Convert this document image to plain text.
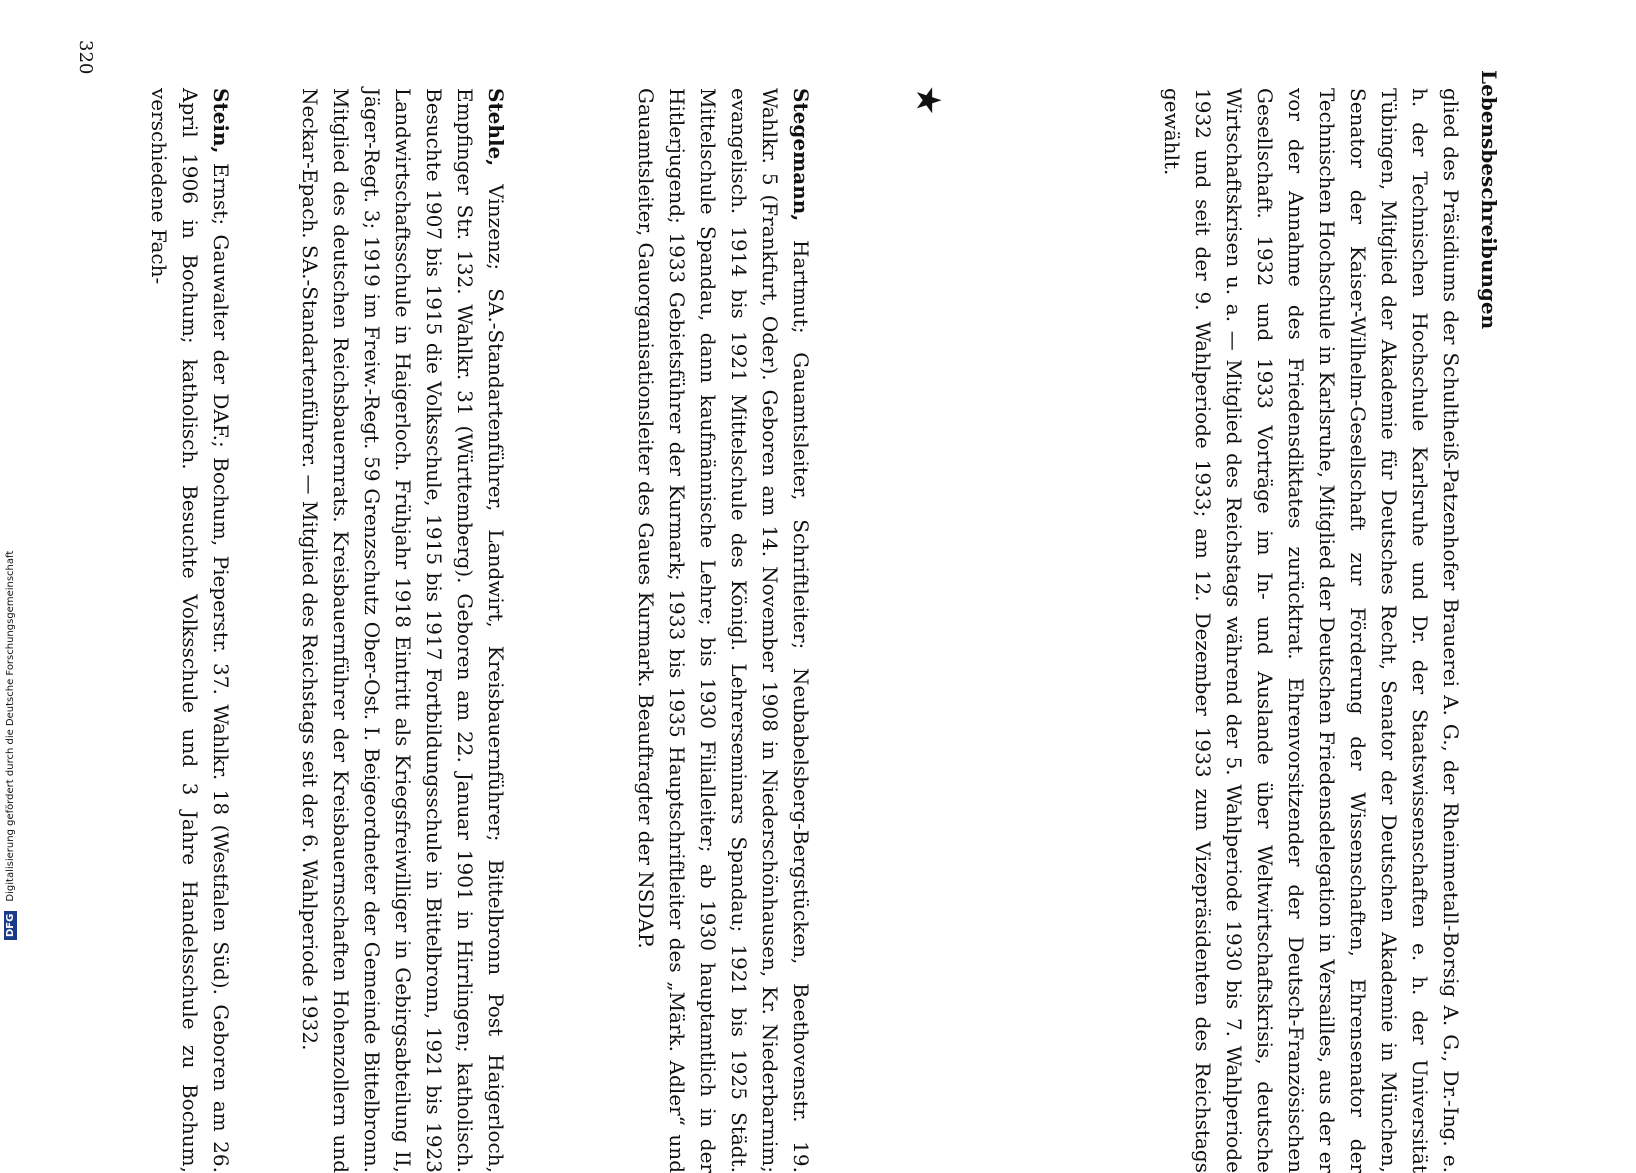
Lebensbeschreibungen

glied des Präsidiums der Schultheiß-Patzenhofer Brauerei A. G., der Rheinmetall-Borsig A. G., Dr.-Ing. e. h. der Technischen Hochschule Karlsruhe und Dr. der Staatswissenschaften e. h. der Universität Tübingen, Mitglied der Akademie für Deutsches Recht, Senator der Deutschen Akademie in München, Senator der Kaiser-Wilhelm-Gesellschaft zur Förderung der Wissenschaften, Ehrensenator der Technischen Hochschule in Karlsruhe, Mitglied der Deutschen Friedensdelegation in Versailles, aus der er vor der Annahme des Friedensdiktates zurücktrat. Ehrenvorsitzender der Deutsch-Französischen Gesellschaft. 1932 und 1933 Vorträge im In- und Auslande über Weltwirtschaftskrisis, deutsche Wirtschaftskrisen u. a. — Mitglied des Reichstags während der 5. Wahlperiode 1930 bis 7. Wahlperiode 1932 und seit der 9. Wahlperiode 1933; am 12. Dezember 1933 zum Vizepräsidenten des Reichstags gewählt.

★

Stegemann, Hartmut; Gauamtsleiter, Schriftleiter; Neubabelsberg-Bergstücken, Beethovenstr. 19. Wahlkr. 5 (Frankfurt, Oder). Geboren am 14. November 1908 in Niederschönhausen, Kr. Niederbarnim; evangelisch. 1914 bis 1921 Mittelschule des Königl. Lehrerseminars Spandau; 1921 bis 1925 Städt. Mittelschule Spandau, dann kaufmännische Lehre; bis 1930 Filialleiter; ab 1930 hauptamtlich in der Hitlerjugend; 1933 Gebietsführer der Kurmark; 1933 bis 1935 Hauptschriftleiter des „Märk. Adler“ und Gauamtsleiter, Gauorganisationsleiter des Gaues Kurmark. Beauftragter der NSDAP.

Stehle, Vinzenz; SA.-Standartenführer, Landwirt, Kreisbauernführer; Bittelbronn Post Haigerloch, Empfinger Str. 132. Wahlkr. 31 (Württemberg). Geboren am 22. Januar 1901 in Hirrlingen; katholisch. Besuchte 1907 bis 1915 die Volksschule, 1915 bis 1917 Fortbildungsschule in Bittelbronn, 1921 bis 1923 Landwirtschaftsschule in Haigerloch. Frühjahr 1918 Eintritt als Kriegsfreiwilliger in Gebirgsabteilung II, Jäger-Regt. 3; 1919 im Freiw.-Regt. 59 Grenzschutz Ober-Ost. I. Beigeordneter der Gemeinde Bittelbronn. Mitglied des deutschen Reichsbauernrats. Kreisbauernführer der Kreisbauernschaften Hohenzollern und Neckar-Epach. SA.-Standartenführer. — Mitglied des Reichstags seit der 6. Wahlperiode 1932.

Stein, Ernst; Gauwalter der DAF.; Bochum, Pieperstr. 37. Wahlkr. 18 (Westfalen Süd). Geboren am 26. April 1906 in Bochum; katholisch. Besuchte Volksschule und 3 Jahre Handelsschule zu Bochum, verschiedene Fach-

320
DFG Digitalisierung gefördert durch die Deutsche Forschungsgemeinschaft
